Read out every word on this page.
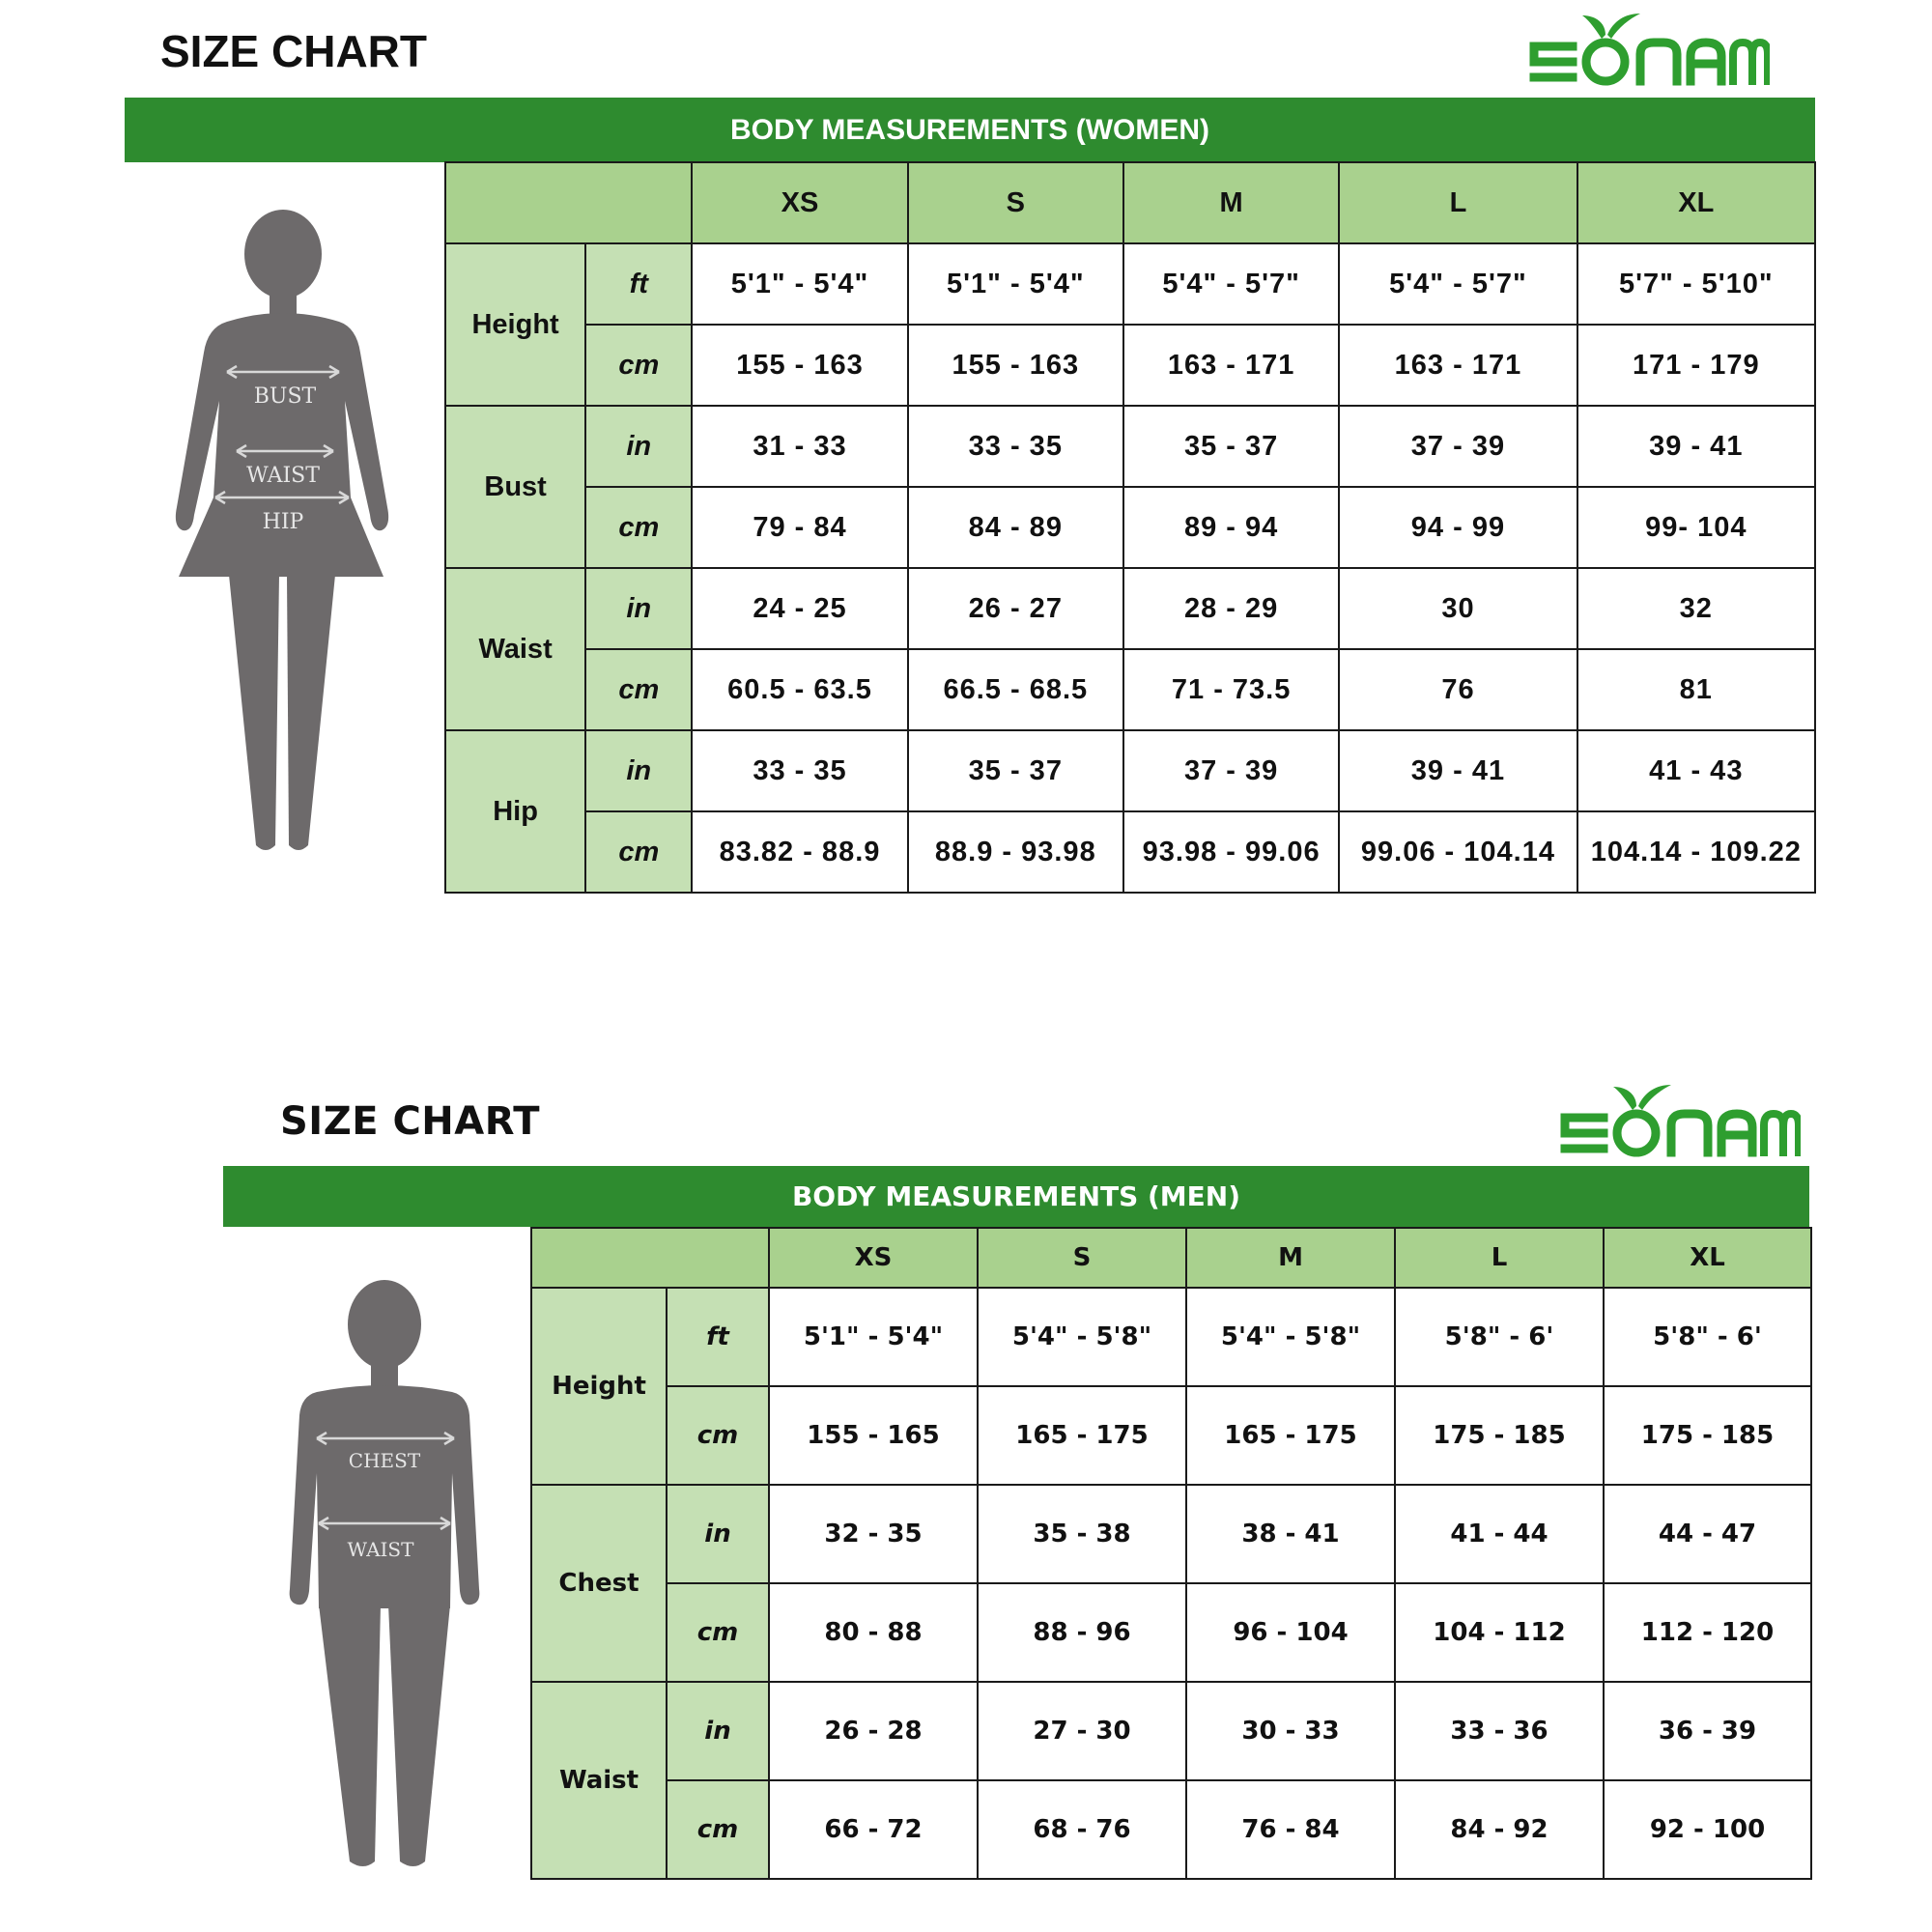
SIZE CHART
BODY MEASUREMENTS (WOMEN)
BUST
WAIST
HIP
		XS	S	M	L	XL
Height	ft	5'1" - 5'4"	5'1" - 5'4"	5'4" - 5'7"	5'4" - 5'7"	5'7" - 5'10"
	cm	155 - 163	155 - 163	163 - 171	163 - 171	171 - 179
Bust	in	31 - 33	33 - 35	35 - 37	37 - 39	39 - 41
	cm	79 - 84	84 - 89	89 - 94	94 - 99	99- 104
Waist	in	24 - 25	26 - 27	28 - 29	30	32
	cm	60.5 - 63.5	66.5 - 68.5	71 - 73.5	76	81
Hip	in	33 - 35	35 - 37	37 - 39	39 - 41	41 - 43
	cm	83.82 - 88.9	88.9 - 93.98	93.98 - 99.06	99.06 - 104.14	104.14 - 109.22
SIZE CHART
BODY MEASUREMENTS (MEN)
CHEST
WAIST
		XS	S	M	L	XL
Height	ft	5'1" - 5'4"	5'4" - 5'8"	5'4" - 5'8"	5'8" - 6'	5'8" - 6'
	cm	155 - 165	165 - 175	165 - 175	175 - 185	175 - 185
Chest	in	32 - 35	35 - 38	38 - 41	41 - 44	44 - 47
	cm	80 - 88	88 - 96	96 - 104	104 - 112	112 - 120
Waist	in	26 - 28	27 - 30	30 - 33	33 - 36	36 - 39
	cm	66 - 72	68 - 76	76 - 84	84 - 92	92 - 100
